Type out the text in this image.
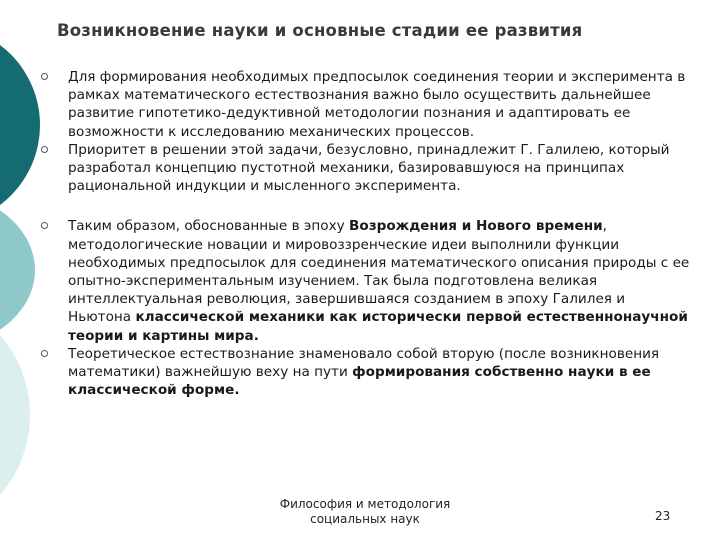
Возникновение науки и основные стадии ее развития

Для формирования необходимых предпосылок соединения теории и эксперимента в рамках математического естествознания важно было осуществить дальнейшее развитие гипотетико-дедуктивной методологии познания и адаптировать ее возможности к исследованию механических процессов.

Приоритет в решении этой задачи, безусловно, принадлежит Г. Галилею, который разработал концепцию пустотной механики, базировавшуюся на принципах рациональной индукции и мысленного эксперимента.

Таким образом, обоснованные в эпоху Возрождения и Нового времени, методологические новации и мировоззренческие идеи выполнили функции необходимых предпосылок для соединения математического описания природы с ее опытно-экспериментальным изучением. Так была подготовлена великая интеллектуальная революция, завершившаяся созданием в эпоху Галилея и Ньютона классической механики как исторически первой естественнонаучной теории и картины мира.

Теоретическое естествознание знаменовало собой вторую (после возникновения математики) важнейшую веху на пути формирования собственно науки в ее классической форме.

Философия и методология
социальных наук	23
